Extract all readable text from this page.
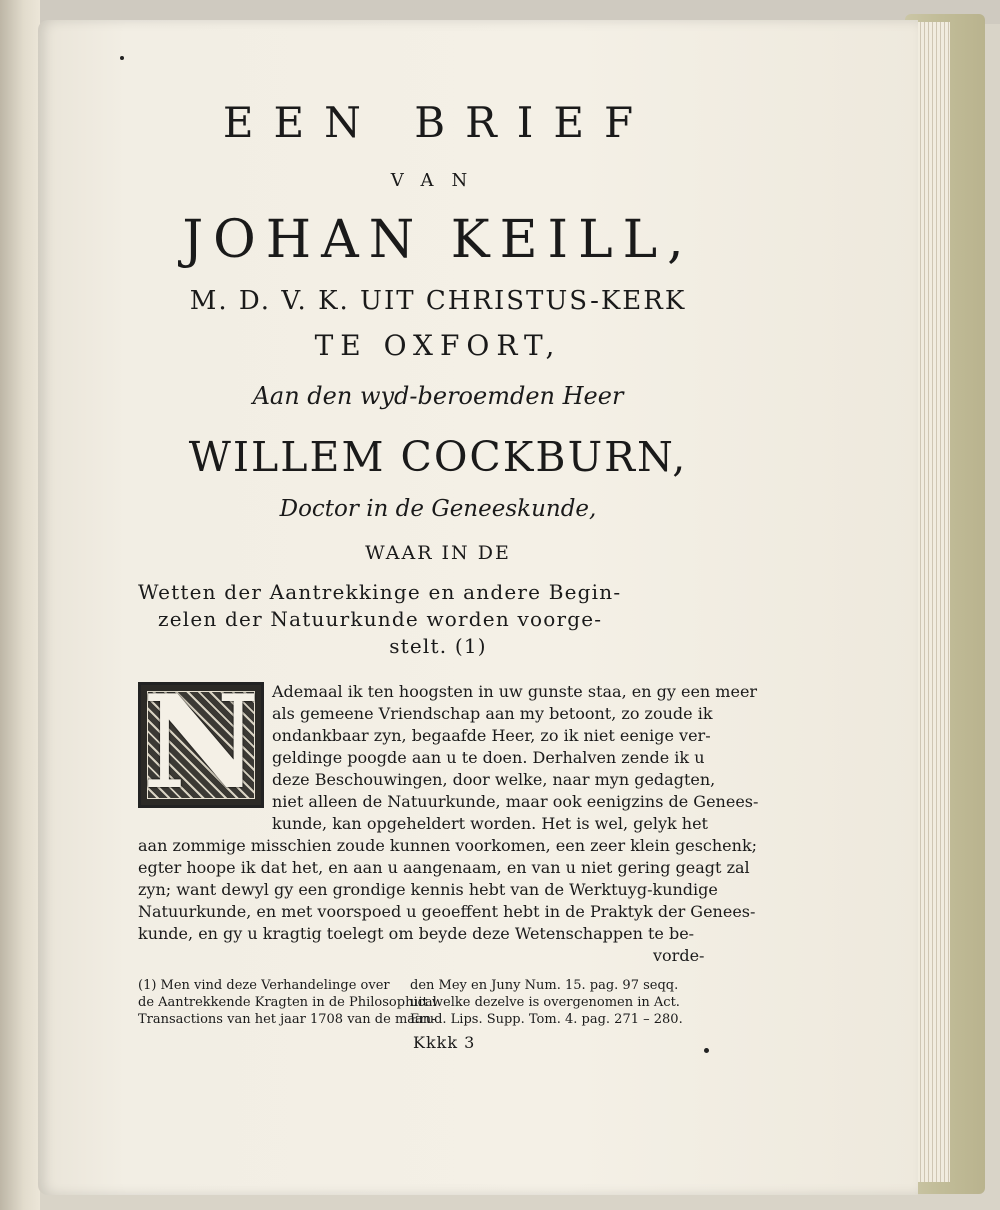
EEN BRIEF

VAN

JOHAN KEILL,

M. D. V. K. UIT CHRISTUS-KERK

TE OXFORT,

Aan den wyd-beroemden Heer

WILLEM COCKBURN,

Doctor in de Geneeskunde,

WAAR IN DE

Wetten der Aantrekkinge en andere Begin-

zelen der Natuurkunde worden voorge-

stelt. (1)

N Ademaal ik ten hoogsten in uw gunste staa, en gy een meer

als gemeene Vriendschap aan my betoont, zo zoude ik

ondankbaar zyn, begaafde Heer, zo ik niet eenige ver-

geldinge poogde aan u te doen. Derhalven zende ik u

deze Beschouwingen, door welke, naar myn gedagten,

niet alleen de Natuurkunde, maar ook eenigzins de Genees-

kunde, kan opgeheldert worden. Het is wel, gelyk het

aan zommige misschien zoude kunnen voorkomen, een zeer klein geschenk;

egter hoope ik dat het, en aan u aangenaam, en van u niet gering geagt zal

zyn; want dewyl gy een grondige kennis hebt van de Werktuyg-kundige

Natuurkunde, en met voorspoed u geoeffent hebt in de Praktyk der Genees-

kunde, en gy u kragtig toelegt om beyde deze Wetenschappen te be-

vorde-

(1) Men vind deze Verhandelinge over

de Aantrekkende Kragten in de Philosophical

Transactions van het jaar 1708 van de maan-

den Mey en Juny Num. 15. pag. 97 seqq.

uit welke dezelve is overgenomen in Act.

Erud. Lips. Supp. Tom. 4. pag. 271 – 280.

Kkkk 3
